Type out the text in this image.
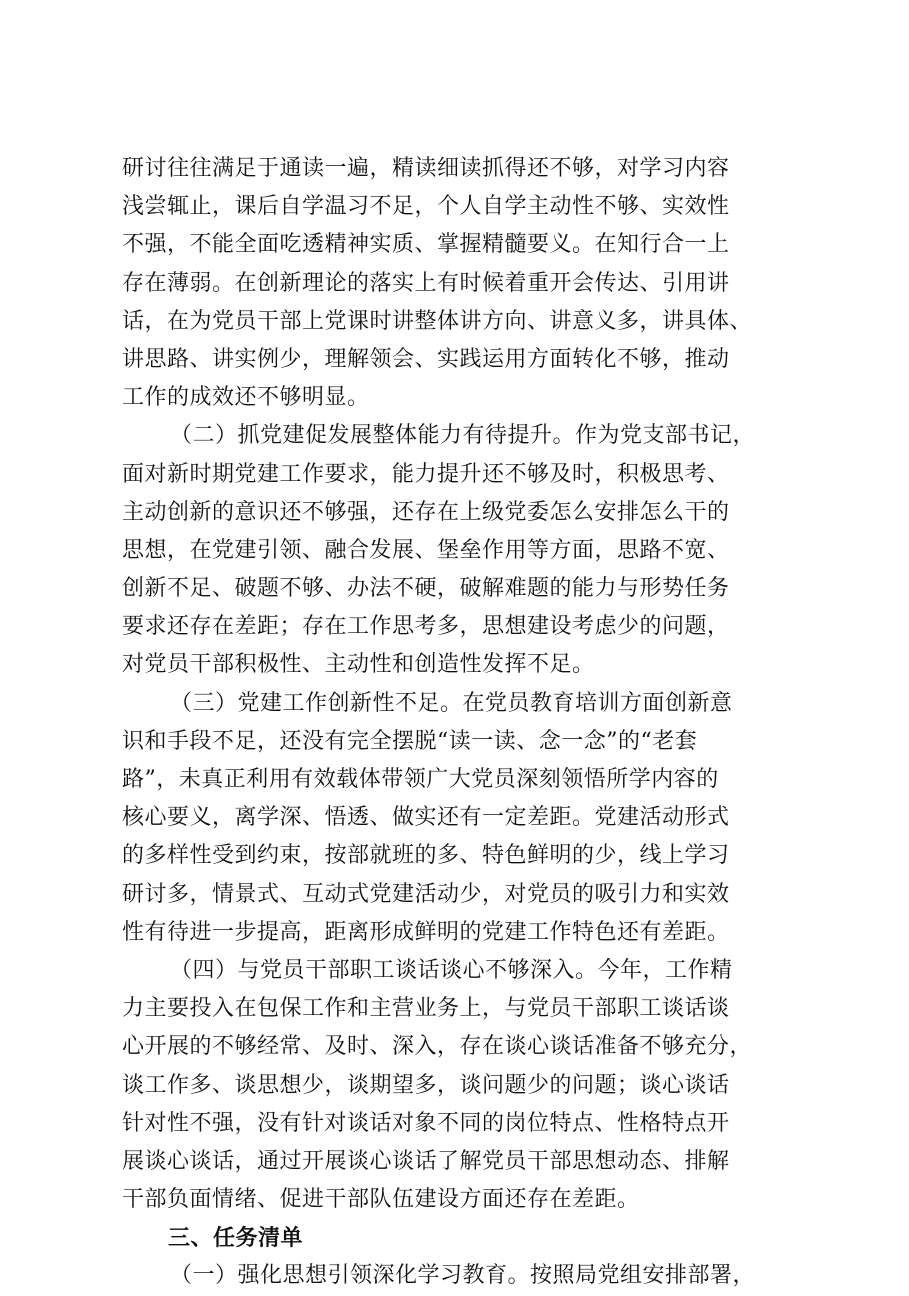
研讨往往满足于通读一遍，精读细读抓得还不够，对学习内容
浅尝辄止，课后自学温习不足，个人自学主动性不够、实效性
不强，不能全面吃透精神实质、掌握精髓要义。在知行合一上
存在薄弱。在创新理论的落实上有时候着重开会传达、引用讲
话，在为党员干部上党课时讲整体讲方向、讲意义多，讲具体、
讲思路、讲实例少，理解领会、实践运用方面转化不够，推动
工作的成效还不够明显。
（二）抓党建促发展整体能力有待提升。作为党支部书记，
面对新时期党建工作要求，能力提升还不够及时，积极思考、
主动创新的意识还不够强，还存在上级党委怎么安排怎么干的
思想，在党建引领、融合发展、堡垒作用等方面，思路不宽、
创新不足、破题不够、办法不硬，破解难题的能力与形势任务
要求还存在差距；存在工作思考多，思想建设考虑少的问题，
对党员干部积极性、主动性和创造性发挥不足。
（三）党建工作创新性不足。在党员教育培训方面创新意
识和手段不足，还没有完全摆脱“读一读、念一念”的“老套
路”，未真正利用有效载体带领广大党员深刻领悟所学内容的
核心要义，离学深、悟透、做实还有一定差距。党建活动形式
的多样性受到约束，按部就班的多、特色鲜明的少，线上学习
研讨多，情景式、互动式党建活动少，对党员的吸引力和实效
性有待进一步提高，距离形成鲜明的党建工作特色还有差距。
（四）与党员干部职工谈话谈心不够深入。今年，工作精
力主要投入在包保工作和主营业务上，与党员干部职工谈话谈
心开展的不够经常、及时、深入，存在谈心谈话准备不够充分，
谈工作多、谈思想少，谈期望多，谈问题少的问题；谈心谈话
针对性不强，没有针对谈话对象不同的岗位特点、性格特点开
展谈心谈话，通过开展谈心谈话了解党员干部思想动态、排解
干部负面情绪、促进干部队伍建设方面还存在差距。
三、任务清单
（一）强化思想引领深化学习教育。按照局党组安排部署，
